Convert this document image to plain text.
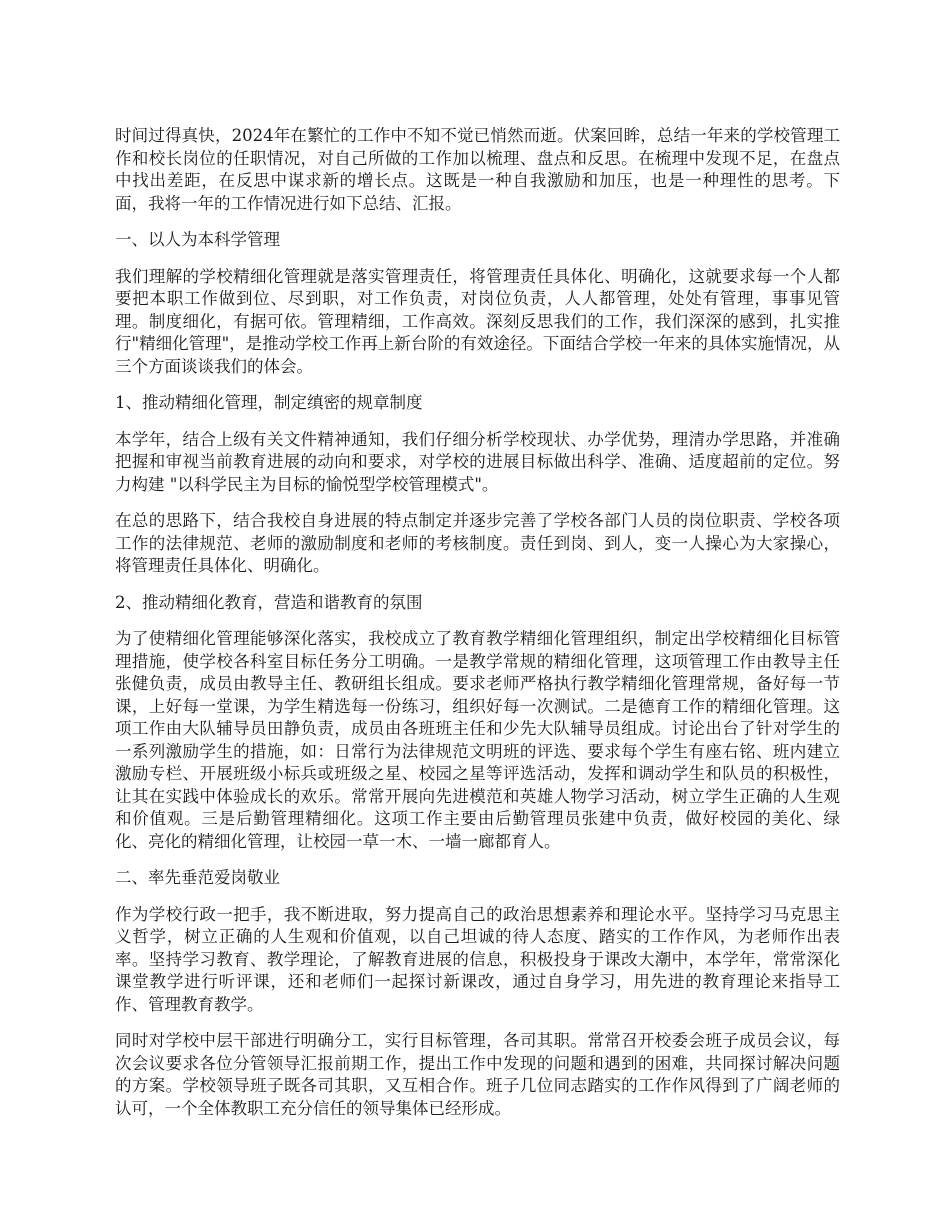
时间过得真快，2024年在繁忙的工作中不知不觉已悄然而逝。伏案回眸，总结一年来的学校管理工作和校长岗位的任职情况，对自己所做的工作加以梳理、盘点和反思。在梳理中发现不足，在盘点中找出差距，在反思中谋求新的增长点。这既是一种自我激励和加压，也是一种理性的思考。下面，我将一年的工作情况进行如下总结、汇报。

一、以人为本科学管理

我们理解的学校精细化管理就是落实管理责任，将管理责任具体化、明确化，这就要求每一个人都要把本职工作做到位、尽到职，对工作负责，对岗位负责，人人都管理，处处有管理，事事见管理。制度细化，有据可依。管理精细，工作高效。深刻反思我们的工作，我们深深的感到，扎实推行"精细化管理"，是推动学校工作再上新台阶的有效途径。下面结合学校一年来的具体实施情况，从三个方面谈谈我们的体会。

1、推动精细化管理，制定缜密的规章制度

本学年，结合上级有关文件精神通知，我们仔细分析学校现状、办学优势，理清办学思路，并准确把握和审视当前教育进展的动向和要求，对学校的进展目标做出科学、准确、适度超前的定位。努力构建 "以科学民主为目标的愉悦型学校管理模式"。

在总的思路下，结合我校自身进展的特点制定并逐步完善了学校各部门人员的岗位职责、学校各项工作的法律规范、老师的激励制度和老师的考核制度。责任到岗、到人，变一人操心为大家操心，将管理责任具体化、明确化。

2、推动精细化教育，营造和谐教育的氛围

为了使精细化管理能够深化落实，我校成立了教育教学精细化管理组织，制定出学校精细化目标管理措施，使学校各科室目标任务分工明确。一是教学常规的精细化管理，这项管理工作由教导主任张健负责，成员由教导主任、教研组长组成。要求老师严格执行教学精细化管理常规，备好每一节课，上好每一堂课，为学生精选每一份练习，组织好每一次测试。二是德育工作的精细化管理。这项工作由大队辅导员田静负责，成员由各班班主任和少先大队辅导员组成。讨论出台了针对学生的一系列激励学生的措施，如：日常行为法律规范文明班的评选、要求每个学生有座右铭、班内建立激励专栏、开展班级小标兵或班级之星、校园之星等评选活动，发挥和调动学生和队员的积极性，让其在实践中体验成长的欢乐。常常开展向先进模范和英雄人物学习活动，树立学生正确的人生观和价值观。三是后勤管理精细化。这项工作主要由后勤管理员张建中负责，做好校园的美化、绿化、亮化的精细化管理，让校园一草一木、一墙一廊都育人。

二、率先垂范爱岗敬业

作为学校行政一把手，我不断进取，努力提高自己的政治思想素养和理论水平。坚持学习马克思主义哲学，树立正确的人生观和价值观，以自己坦诚的待人态度、踏实的工作作风，为老师作出表率。坚持学习教育、教学理论，了解教育进展的信息，积极投身于课改大潮中，本学年，常常深化课堂教学进行听评课，还和老师们一起探讨新课改，通过自身学习，用先进的教育理论来指导工作、管理教育教学。

同时对学校中层干部进行明确分工，实行目标管理，各司其职。常常召开校委会班子成员会议，每次会议要求各位分管领导汇报前期工作，提出工作中发现的问题和遇到的困难，共同探讨解决问题的方案。学校领导班子既各司其职，又互相合作。班子几位同志踏实的工作作风得到了广阔老师的认可，一个全体教职工充分信任的领导集体已经形成。
